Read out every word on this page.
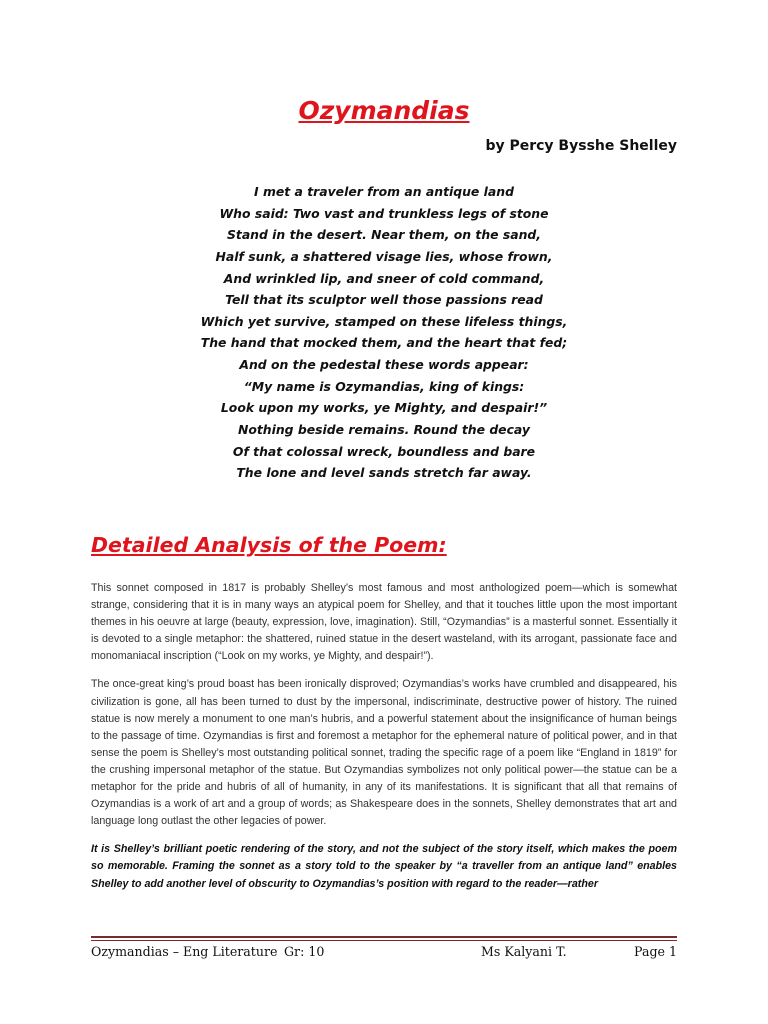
Ozymandias
by Percy Bysshe Shelley
I met a traveler from an antique land
Who said: Two vast and trunkless legs of stone
Stand in the desert. Near them, on the sand,
Half sunk, a shattered visage lies, whose frown,
And wrinkled lip, and sneer of cold command,
Tell that its sculptor well those passions read
Which yet survive, stamped on these lifeless things,
The hand that mocked them, and the heart that fed;
And on the pedestal these words appear:
“My name is Ozymandias, king of kings:
Look upon my works, ye Mighty, and despair!”
Nothing beside remains. Round the decay
Of that colossal wreck, boundless and bare
The lone and level sands stretch far away.
Detailed Analysis of the Poem:

This sonnet composed in 1817 is probably Shelley’s most famous and most anthologized poem—which is somewhat strange, considering that it is in many ways an atypical poem for Shelley, and that it touches little upon the most important themes in his oeuvre at large (beauty, expression, love, imagination). Still, “Ozymandias” is a masterful sonnet. Essentially it is devoted to a single metaphor: the shattered, ruined statue in the desert wasteland, with its arrogant, passionate face and monomaniacal inscription (“Look on my works, ye Mighty, and despair!”).

The once-great king’s proud boast has been ironically disproved; Ozymandias’s works have crumbled and disappeared, his civilization is gone, all has been turned to dust by the impersonal, indiscriminate, destructive power of history. The ruined statue is now merely a monument to one man’s hubris, and a powerful statement about the insignificance of human beings to the passage of time. Ozymandias is first and foremost a metaphor for the ephemeral nature of political power, and in that sense the poem is Shelley’s most outstanding political sonnet, trading the specific rage of a poem like “England in 1819” for the crushing impersonal metaphor of the statue. But Ozymandias symbolizes not only political power—the statue can be a metaphor for the pride and hubris of all of humanity, in any of its manifestations. It is significant that all that remains of Ozymandias is a work of art and a group of words; as Shakespeare does in the sonnets, Shelley demonstrates that art and language long outlast the other legacies of power.

It is Shelley’s brilliant poetic rendering of the story, and not the subject of the story itself, which makes the poem so memorable. Framing the sonnet as a story told to the speaker by “a traveller from an antique land” enables Shelley to add another level of obscurity to Ozymandias’s position with regard to the reader—rather

Ozymandias – Eng Literature Gr: 10	Ms Kalyani T.	Page 1
